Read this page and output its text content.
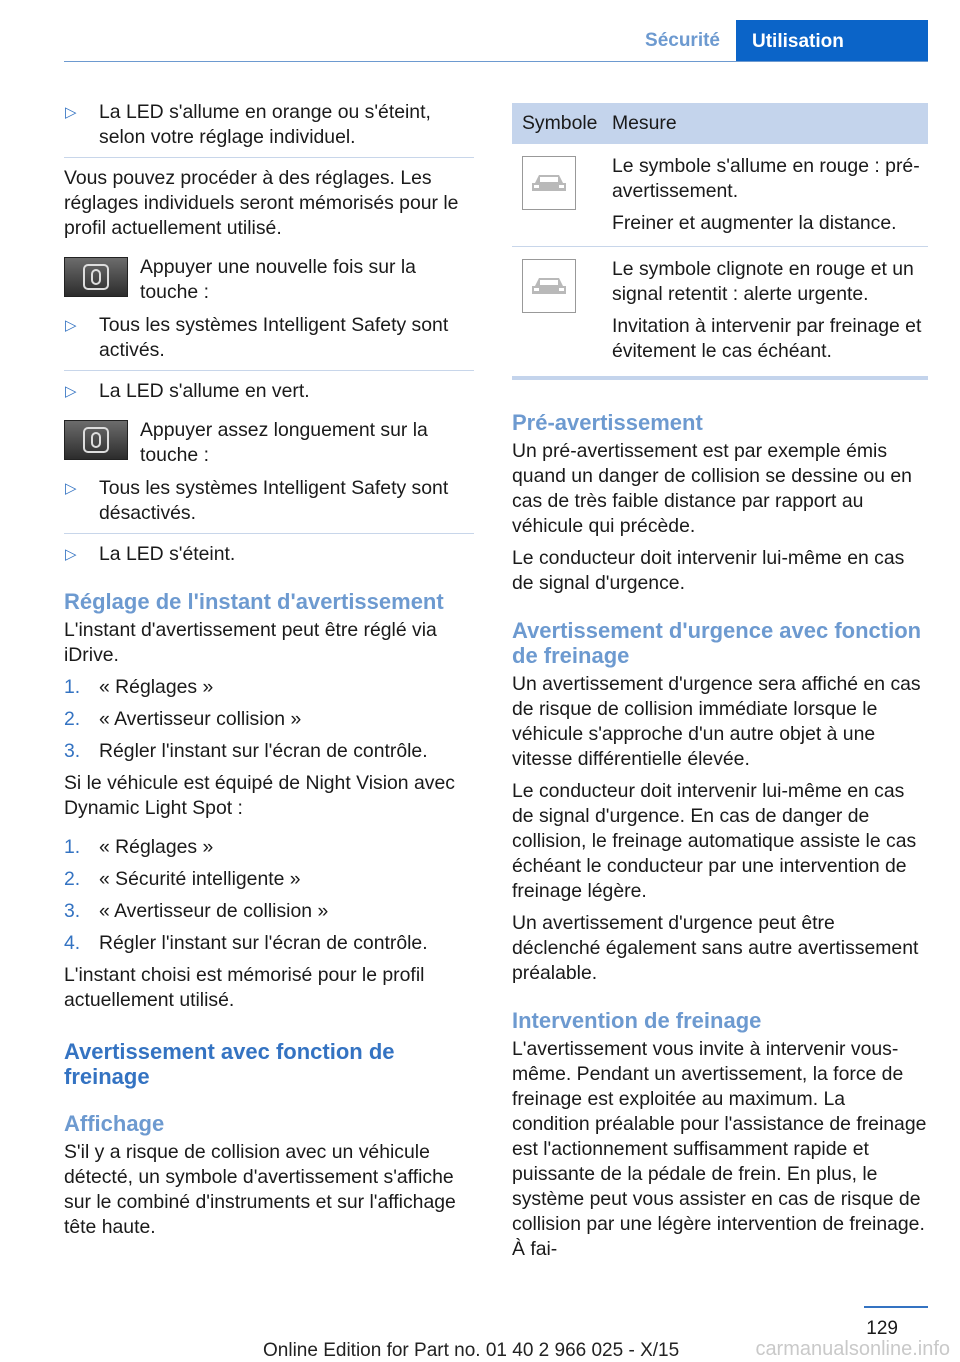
Sécurité	Utilisation
▷ La LED s'allume en orange ou s'éteint, selon votre réglage individuel.

Vous pouvez procéder à des réglages. Les réglages individuels seront mémorisés pour le profil actuellement utilisé.

Appuyer une nouvelle fois sur la touche :
▷ Tous les systèmes Intelligent Safety sont activés.
▷ La LED s'allume en vert.
Appuyer assez longuement sur la touche :
▷ Tous les systèmes Intelligent Safety sont désactivés.
▷ La LED s'éteint.
Réglage de l'instant d'avertissement

L'instant d'avertissement peut être réglé via iDrive.

1. « Réglages »
2. « Avertisseur collision »
3. Régler l'instant sur l'écran de contrôle.

Si le véhicule est équipé de Night Vision avec Dynamic Light Spot :

1. « Réglages »
2. « Sécurité intelligente »
3. « Avertisseur de collision »
4. Régler l'instant sur l'écran de contrôle.

L'instant choisi est mémorisé pour le profil actuellement utilisé.

Avertissement avec fonction de freinage
Affichage

S'il y a risque de collision avec un véhicule détecté, un symbole d'avertissement s'affiche sur le combiné d'instruments et sur l'affichage tête haute.

Symbole	Mesure

Le symbole s'allume en rouge : pré-avertissement.

Freiner et augmenter la distance.

Le symbole clignote en rouge et un signal retentit : alerte urgente.

Invitation à intervenir par freinage et évitement le cas échéant.

Pré-avertissement

Un pré-avertissement est par exemple émis quand un danger de collision se dessine ou en cas de très faible distance par rapport au véhicule qui précède.

Le conducteur doit intervenir lui-même en cas de signal d'urgence.

Avertissement d'urgence avec fonction de freinage

Un avertissement d'urgence sera affiché en cas de risque de collision immédiate lorsque le véhicule s'approche d'un autre objet à une vitesse différentielle élevée.

Le conducteur doit intervenir lui-même en cas de signal d'urgence. En cas de danger de collision, le freinage automatique assiste le cas échéant le conducteur par une intervention de freinage légère.

Un avertissement d'urgence peut être déclenché également sans autre avertissement préalable.

Intervention de freinage

L'avertissement vous invite à intervenir vous-même. Pendant un avertissement, la force de freinage est exploitée au maximum. La condition préalable pour l'assistance de freinage est l'actionnement suffisamment rapide et puissante de la pédale de frein. En plus, le système peut vous assister en cas de risque de collision par une légère intervention de freinage. À fai-

129
Online Edition for Part no. 01 40 2 966 025 - X/15	carmanualsonline.info
